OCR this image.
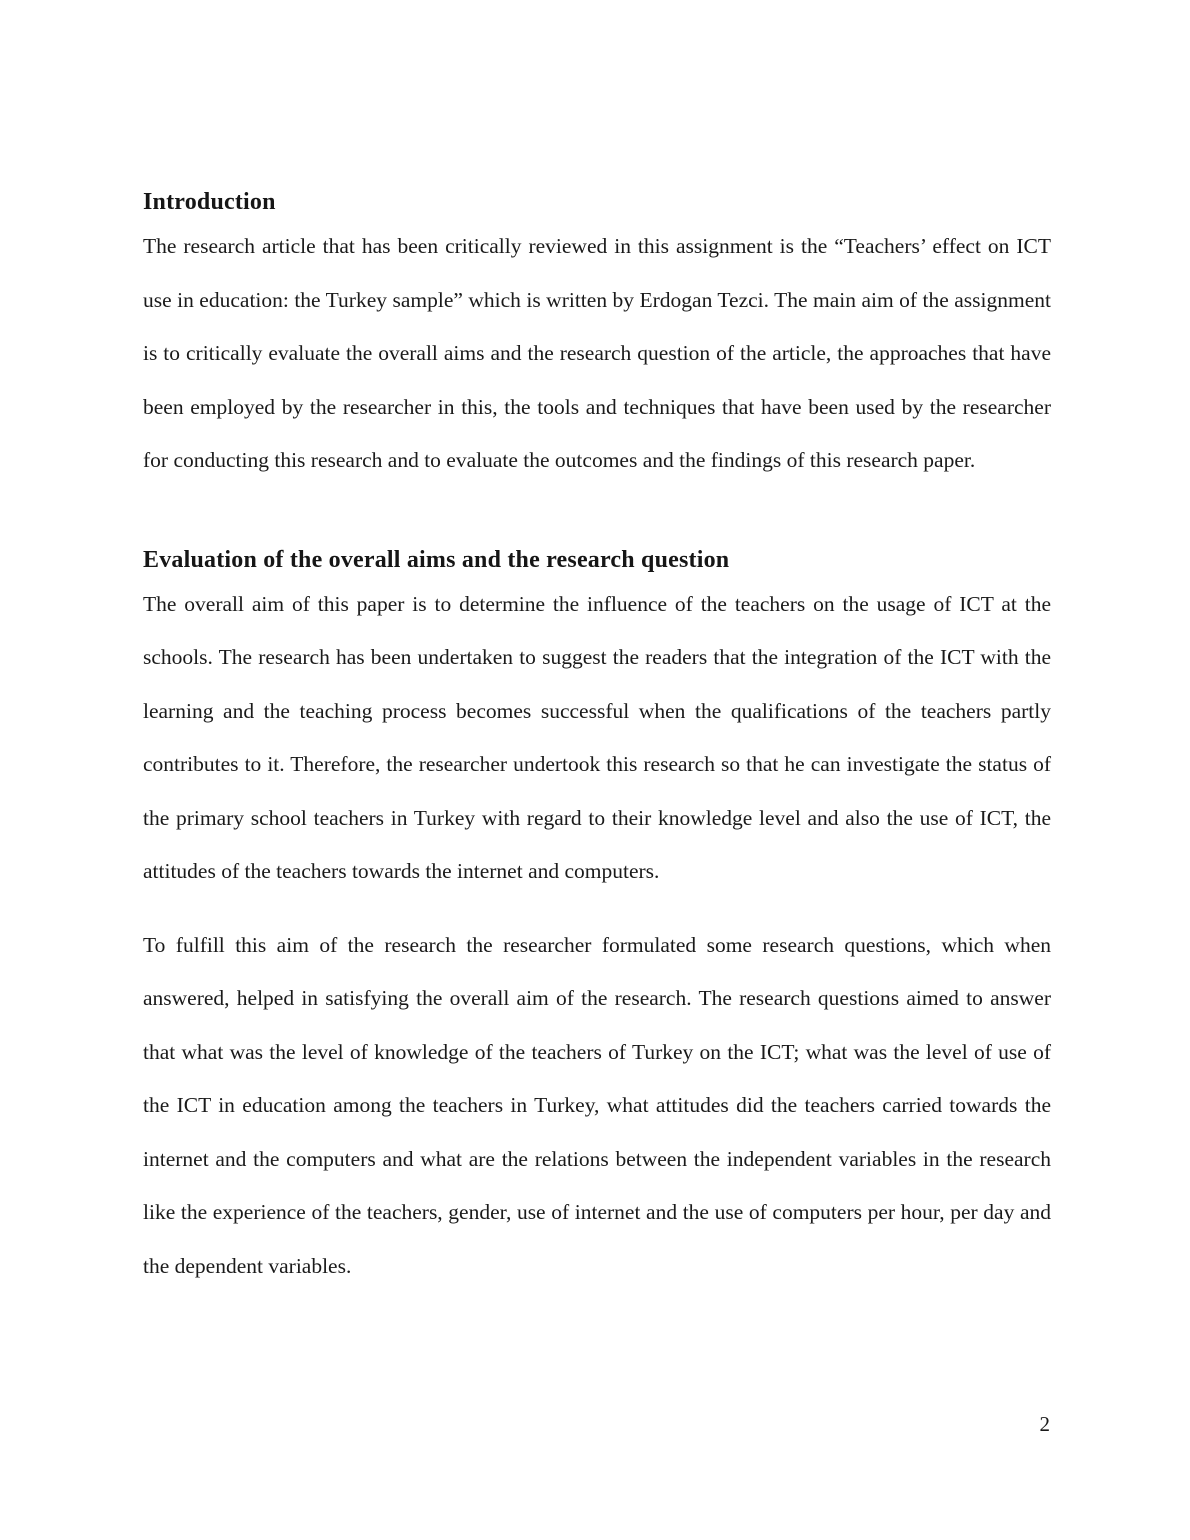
Introduction

The research article that has been critically reviewed in this assignment is the “Teachers’ effect on ICT use in education: the Turkey sample” which is written by Erdogan Tezci. The main aim of the assignment is to critically evaluate the overall aims and the research question of the article, the approaches that have been employed by the researcher in this, the tools and techniques that have been used by the researcher for conducting this research and to evaluate the outcomes and the findings of this research paper.

Evaluation of the overall aims and the research question

The overall aim of this paper is to determine the influence of the teachers on the usage of ICT at the schools. The research has been undertaken to suggest the readers that the integration of the ICT with the learning and the teaching process becomes successful when the qualifications of the teachers partly contributes to it. Therefore, the researcher undertook this research so that he can investigate the status of the primary school teachers in Turkey with regard to their knowledge level and also the use of ICT, the attitudes of the teachers towards the internet and computers.

To fulfill this aim of the research the researcher formulated some research questions, which when answered, helped in satisfying the overall aim of the research. The research questions aimed to answer that what was the level of knowledge of the teachers of Turkey on the ICT; what was the level of use of the ICT in education among the teachers in Turkey, what attitudes did the teachers carried towards the internet and the computers and what are the relations between the independent variables in the research like the experience of the teachers, gender, use of internet and the use of computers per hour, per day and the dependent variables.

2
